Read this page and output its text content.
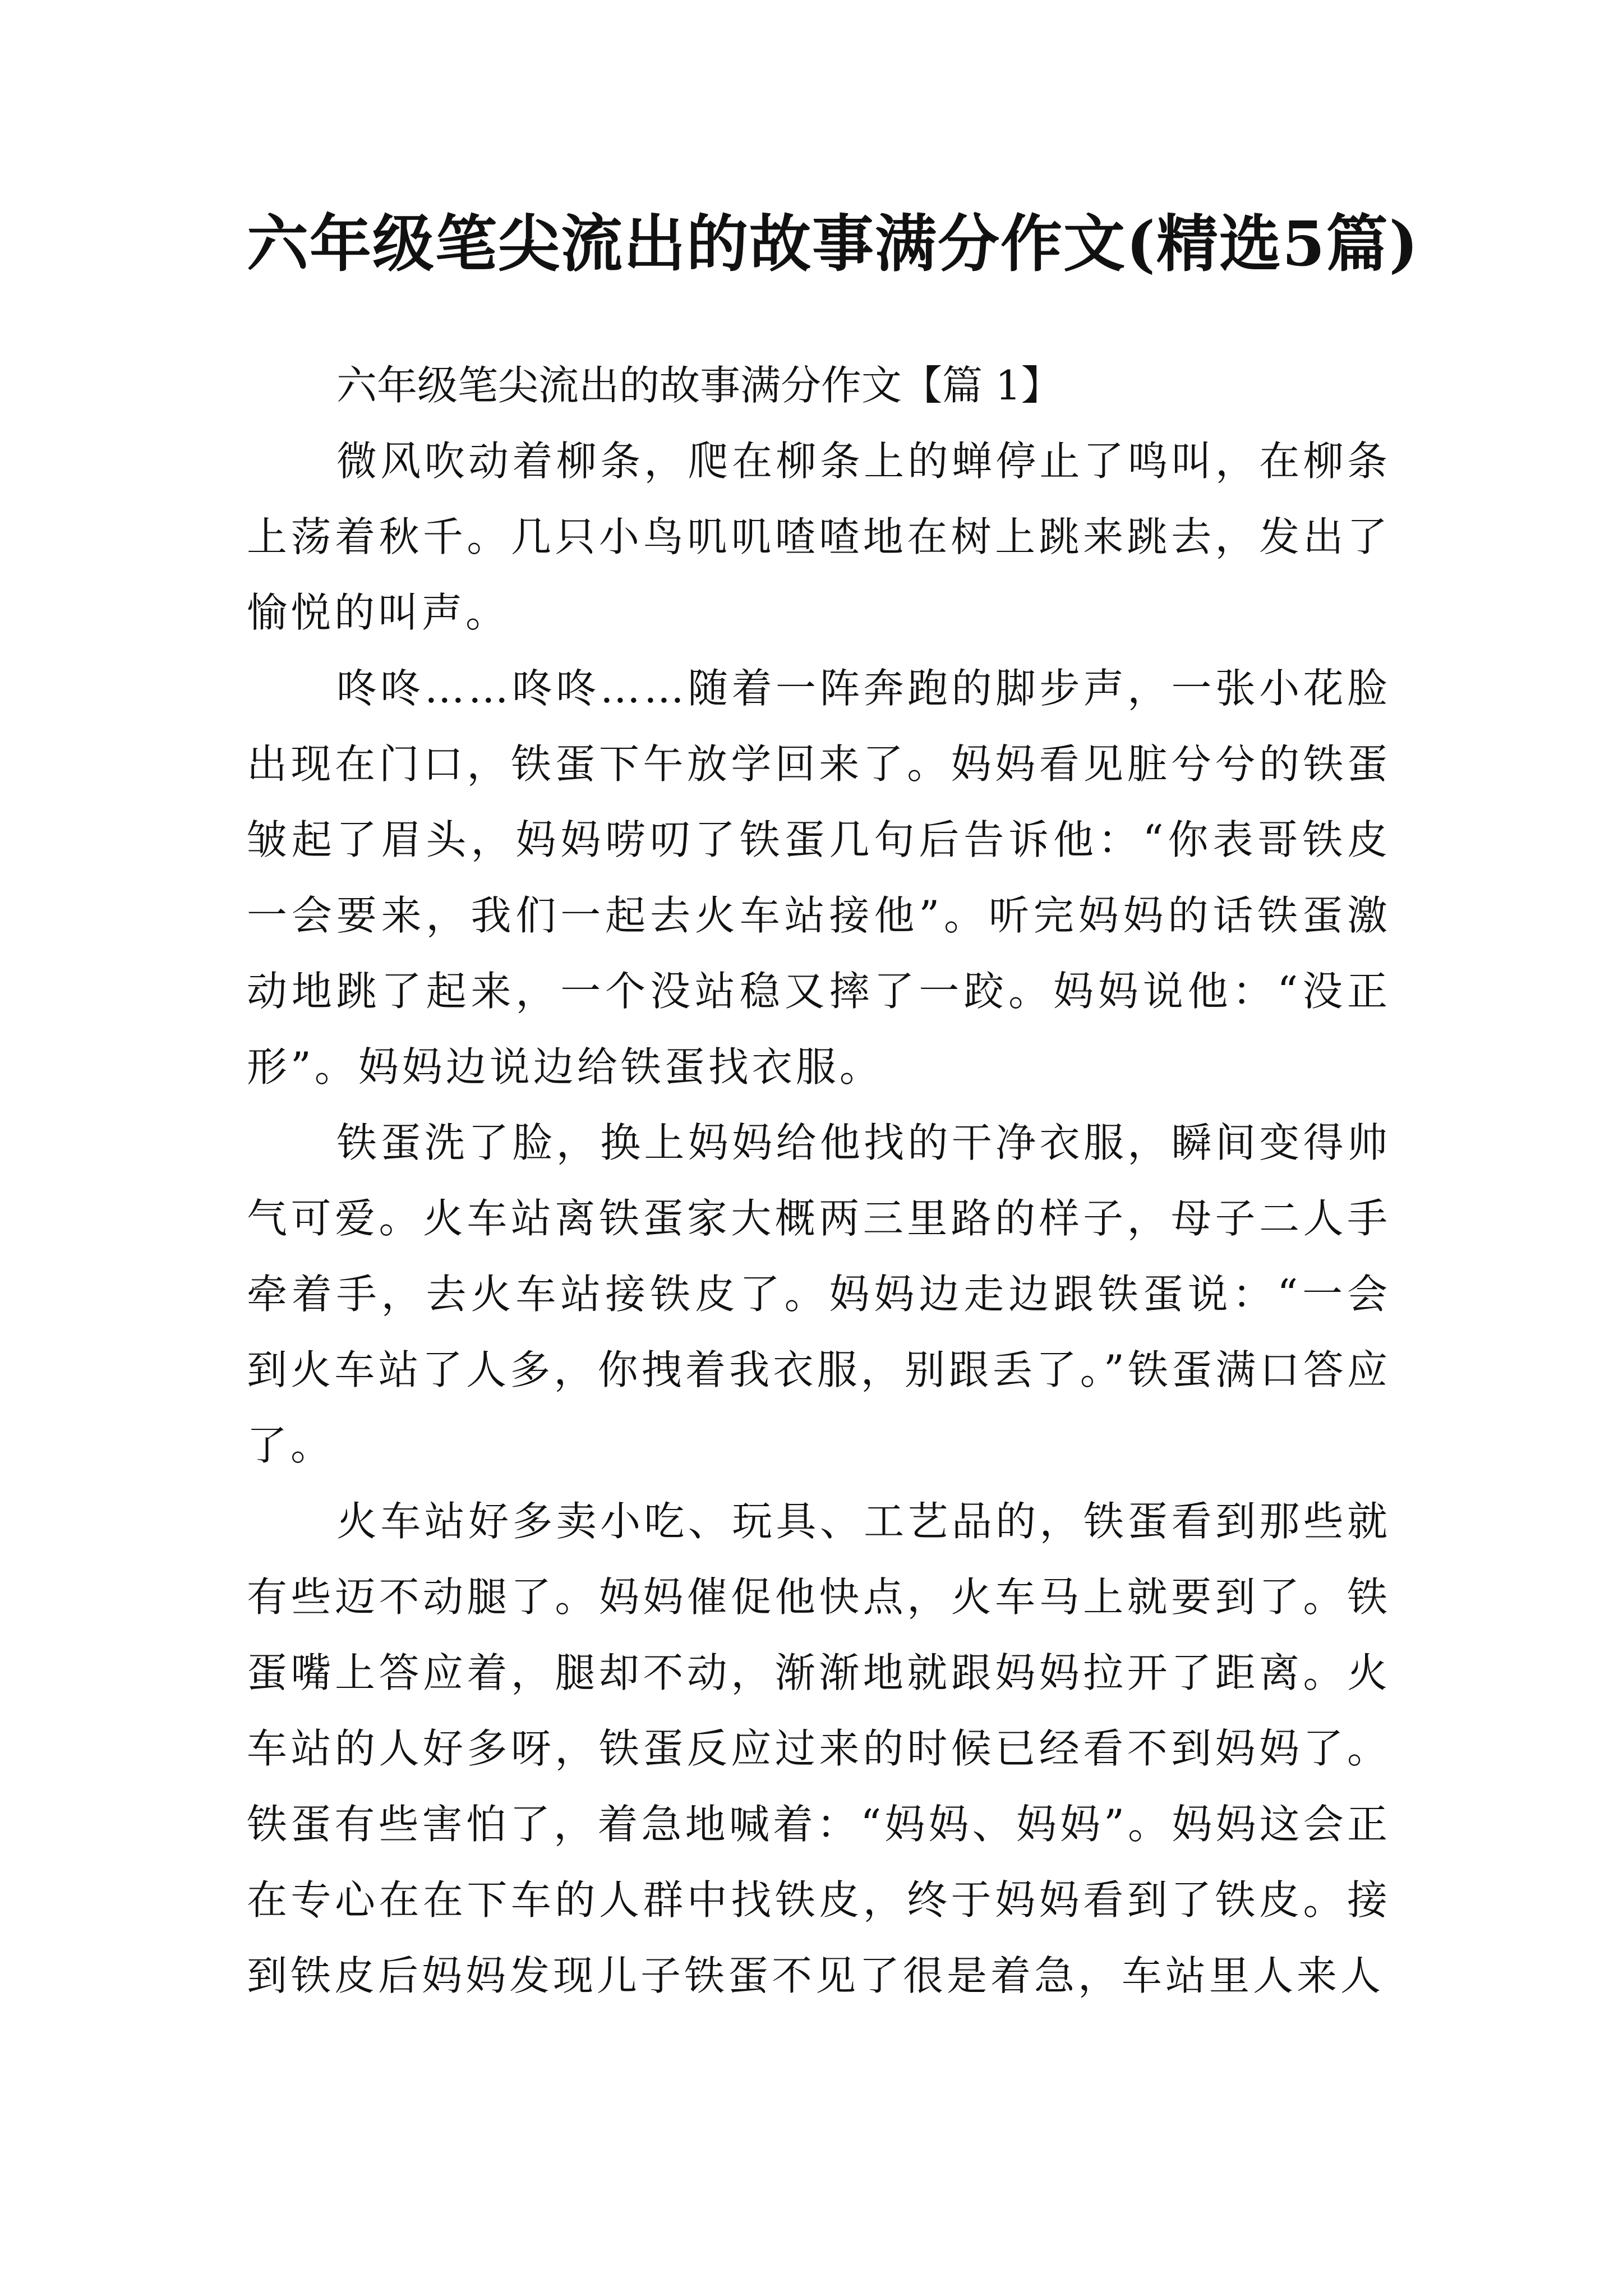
六年级笔尖流出的故事满分作文(精选5篇)

六年级笔尖流出的故事满分作文【篇 1】

微风吹动着柳条，爬在柳条上的蝉停止了鸣叫，在柳条上荡着秋千。几只小鸟叽叽喳喳地在树上跳来跳去，发出了愉悦的叫声。

咚咚……咚咚……随着一阵奔跑的脚步声，一张小花脸出现在门口，铁蛋下午放学回来了。妈妈看见脏兮兮的铁蛋皱起了眉头，妈妈唠叨了铁蛋几句后告诉他：“你表哥铁皮一会要来，我们一起去火车站接他”。听完妈妈的话铁蛋激动地跳了起来，一个没站稳又摔了一跤。妈妈说他：“没正形”。妈妈边说边给铁蛋找衣服。

铁蛋洗了脸，换上妈妈给他找的干净衣服，瞬间变得帅气可爱。火车站离铁蛋家大概两三里路的样子，母子二人手牵着手，去火车站接铁皮了。妈妈边走边跟铁蛋说：“一会到火车站了人多，你拽着我衣服，别跟丢了。”铁蛋满口答应了。

火车站好多卖小吃、玩具、工艺品的，铁蛋看到那些就有些迈不动腿了。妈妈催促他快点，火车马上就要到了。铁蛋嘴上答应着，腿却不动，渐渐地就跟妈妈拉开了距离。火车站的人好多呀，铁蛋反应过来的时候已经看不到妈妈了。铁蛋有些害怕了，着急地喊着：“妈妈、妈妈”。妈妈这会正在专心在在下车的人群中找铁皮，终于妈妈看到了铁皮。接到铁皮后妈妈发现儿子铁蛋不见了很是着急，车站里人来人
